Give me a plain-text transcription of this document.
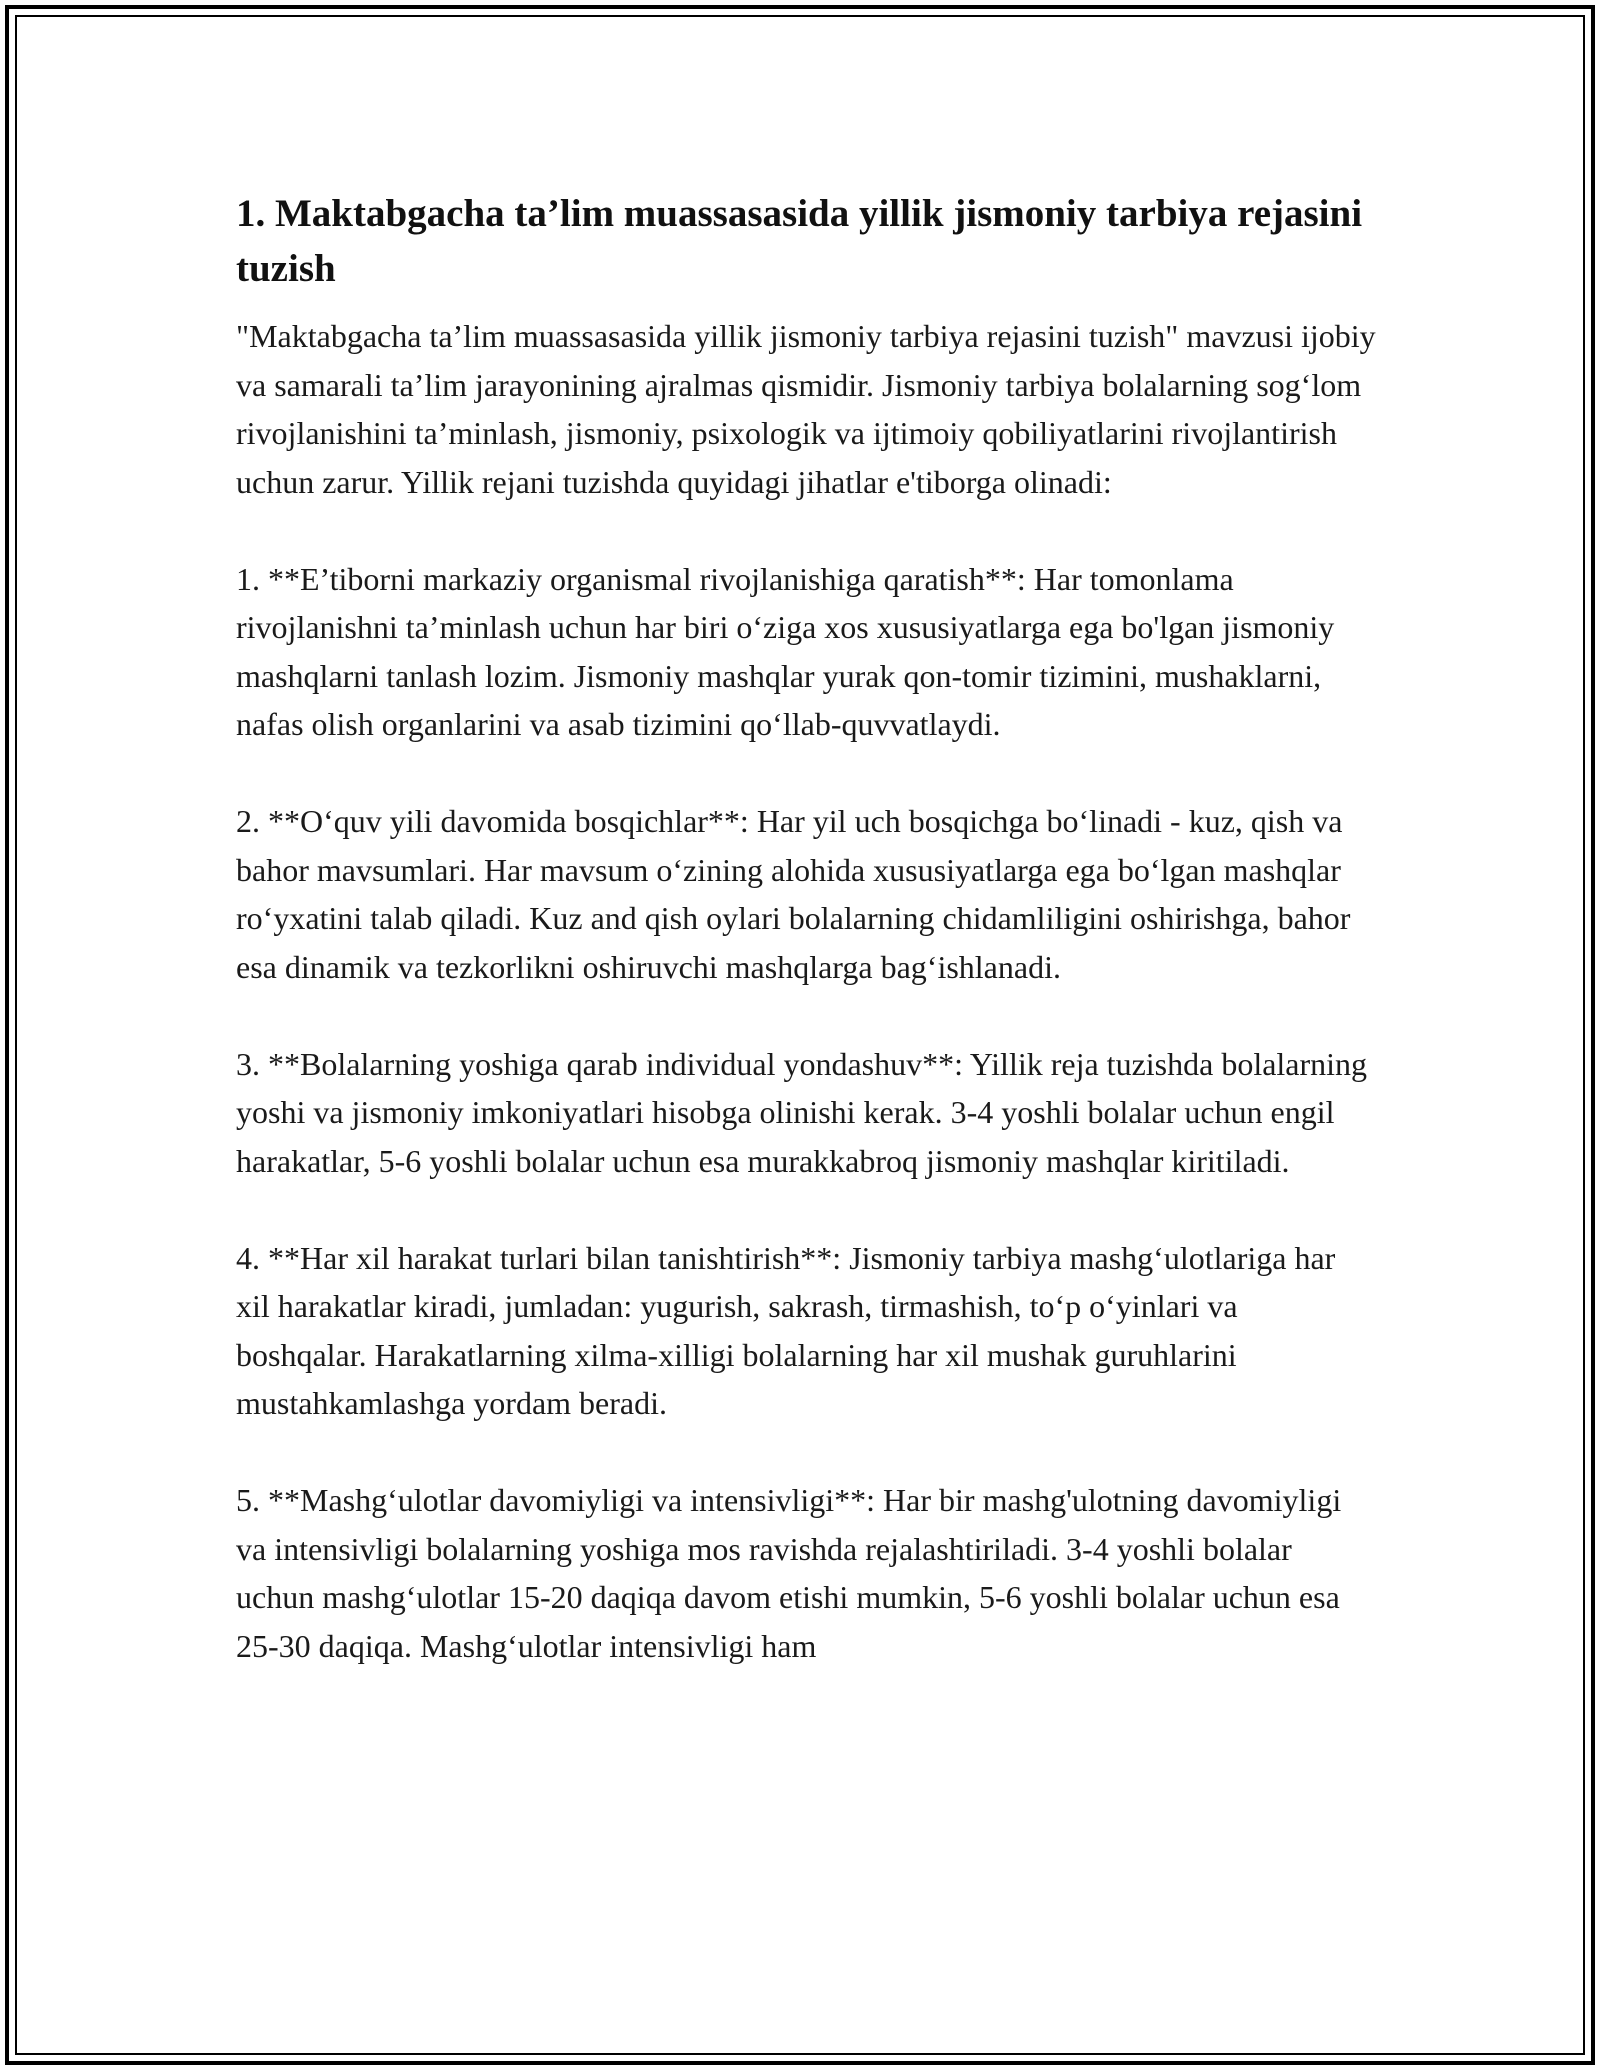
1. Maktabgacha ta’lim muassasasida yillik jismoniy tarbiya rejasini tuzish

"Maktabgacha ta’lim muassasasida yillik jismoniy tarbiya rejasini tuzish" mavzusi ijobiy va samarali ta’lim jarayonining ajralmas qismidir. Jismoniy tarbiya bolalarning sog‘lom rivojlanishini ta’minlash, jismoniy, psixologik va ijtimoiy qobiliyatlarini rivojlantirish uchun zarur. Yillik rejani tuzishda quyidagi jihatlar e'tiborga olinadi:

1. **E’tiborni markaziy organismal rivojlanishiga qaratish**: Har tomonlama rivojlanishni ta’minlash uchun har biri o‘ziga xos xususiyatlarga ega bo'lgan jismoniy mashqlarni tanlash lozim. Jismoniy mashqlar yurak qon-tomir tizimini, mushaklarni, nafas olish organlarini va asab tizimini qo‘llab-quvvatlaydi.

2. **O‘quv yili davomida bosqichlar**: Har yil uch bosqichga bo‘linadi - kuz, qish va bahor mavsumlari. Har mavsum o‘zining alohida xususiyatlarga ega bo‘lgan mashqlar ro‘yxatini talab qiladi. Kuz and qish oylari bolalarning chidamliligini oshirishga, bahor esa dinamik va tezkorlikni oshiruvchi mashqlarga bag‘ishlanadi.

3. **Bolalarning yoshiga qarab individual yondashuv**: Yillik reja tuzishda bolalarning yoshi va jismoniy imkoniyatlari hisobga olinishi kerak. 3-4 yoshli bolalar uchun engil harakatlar, 5-6 yoshli bolalar uchun esa murakkabroq jismoniy mashqlar kiritiladi.

4. **Har xil harakat turlari bilan tanishtirish**: Jismoniy tarbiya mashg‘ulotlariga har xil harakatlar kiradi, jumladan: yugurish, sakrash, tirmashish, to‘p o‘yinlari va boshqalar. Harakatlarning xilma-xilligi bolalarning har xil mushak guruhlarini mustahkamlashga yordam beradi.

5. **Mashg‘ulotlar davomiyligi va intensivligi**: Har bir mashg'ulotning davomiyligi va intensivligi bolalarning yoshiga mos ravishda rejalashtiriladi. 3-4 yoshli bolalar uchun mashg‘ulotlar 15-20 daqiqa davom etishi mumkin, 5-6 yoshli bolalar uchun esa 25-30 daqiqa. Mashg‘ulotlar intensivligi ham
